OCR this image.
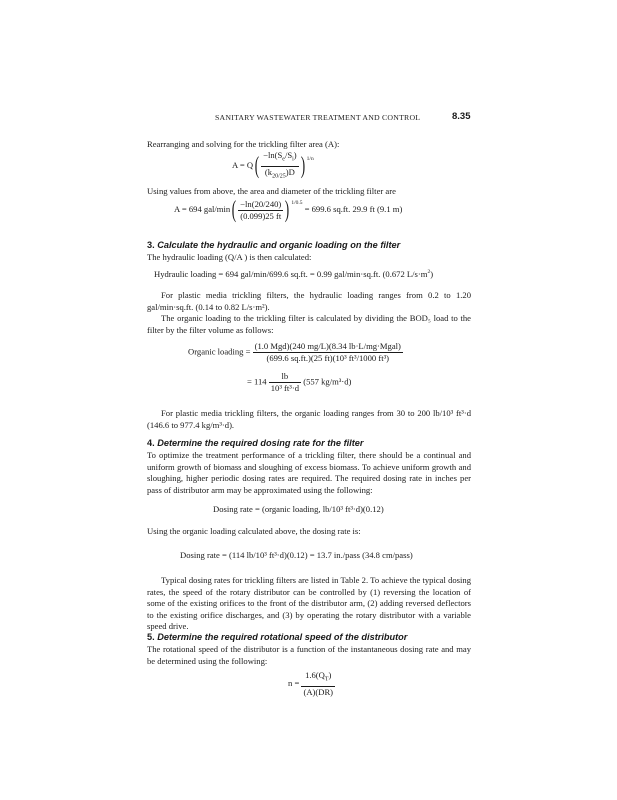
SANITARY WASTEWATER TREATMENT AND CONTROL	8.35
Rearranging and solving for the trickling filter area (A):
$A = Q( \frac{-\ln(S_e/S_i)}{(k_{20/25})D}$ ) $^{1/n}$
Using values from above, the area and diameter of the trickling filter are
A = 694 $gal/\min( \frac{-\ln(20/240)}{(0.099)25 ft}$ ) $^{1/0.5}$ = 699.6 sq.ft. 29.9 ft (9.1 m)
3. Calculate the hydraulic and organic loading on the filter
The hydraulic loading (Q/A ) is then calculated:
Hydraulic loading = 694 gal/min/699.6 sq.ft. = 0.99 gal/min·sq.ft. (0.672 $L/s\cdot m^2$)
For plastic media trickling filters, the hydraulic loading ranges from 0.2 to 1.20 gal/min·sq.ft. (0.14 to 0.82 L/s·m²).
The organic loading to the trickling filter is calculated by dividing the BOD₅ load to the filter by the filter volume as follows:
Organic loading = $\frac{\text{(1.0 Mgd)(240 mg/L)(8.34 lb·L/mg·Mgal)}}{\text{(699.6 sq.ft.)(25 ft)(10³ ft³/1000 ft³)}}$
= $114 \frac{lb}{\text{10³ ft³·d}} (557$ kg/m³·d)
For plastic media trickling filters, the organic loading ranges from 30 to 200 lb/10³ ft³·d (146.6 to 977.4 kg/m³·d).
4. Determine the required dosing rate for the filter
To optimize the treatment performance of a trickling filter, there should be a continual and uniform growth of biomass and sloughing of excess biomass. To achieve uniform growth and sloughing, higher periodic dosing rates are required. The required dosing rate in inches per pass of distributor arm may be approximated using the following:
Dosing rate = (organic loading, lb/10³ ft³·d)(0.12)
Using the organic loading calculated above, the dosing rate is:
Dosing rate = (114 lb/10³ ft³·d)(0.12) = 13.7 in./pass (34.8 cm/pass)
Typical dosing rates for trickling filters are listed in Table 2. To achieve the typical dosing rates, the speed of the rotary distributor can be controlled by (1) reversing the location of some of the existing orifices to the front of the distributor arm, (2) adding reversed deflectors to the existing orifice discharges, and (3) by operating the rotary distributor with a variable speed drive.
5. Determine the required rotational speed of the distributor
The rotational speed of the distributor is a function of the instantaneous dosing rate and may be determined using the following:
$n = \frac{1.6(Q_T)}{(A)(DR)}$
